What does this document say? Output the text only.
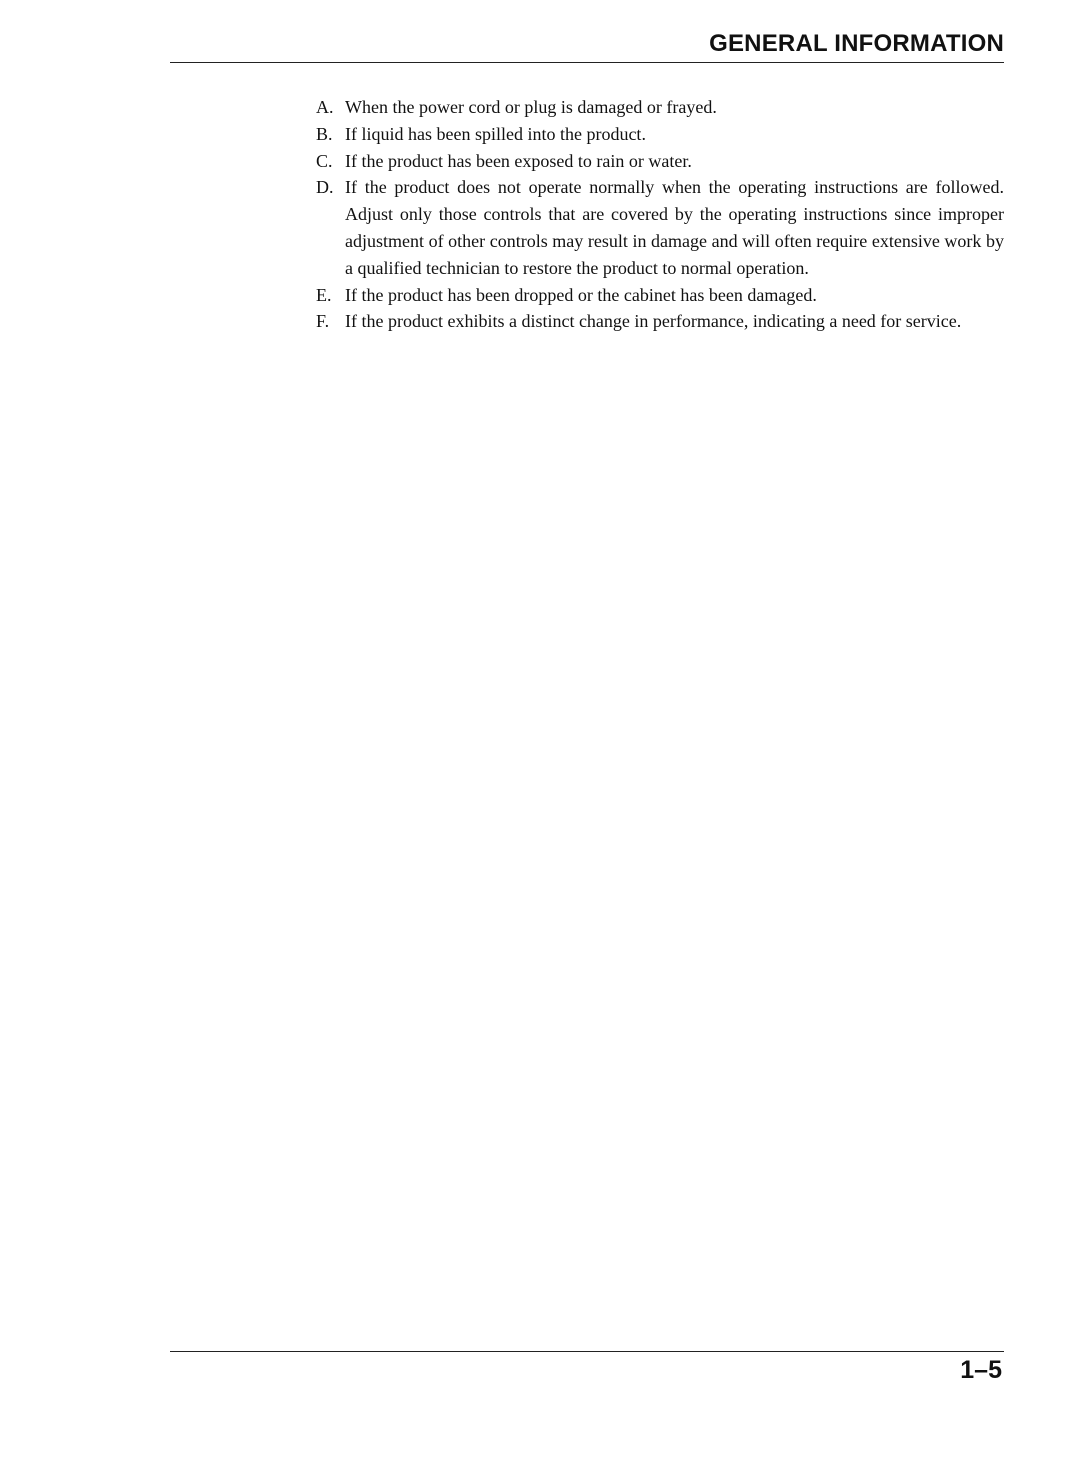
GENERAL INFORMATION
A. When the power cord or plug is damaged or frayed.
B. If liquid has been spilled into the product.
C. If the product has been exposed to rain or water.
D. If the product does not operate normally when the operating instructions are followed. Adjust only those controls that are covered by the operating instructions since improper adjustment of other controls may result in damage and will often require extensive work by a qualified technician to restore the product to normal operation.
E. If the product has been dropped or the cabinet has been damaged.
F. If the product exhibits a distinct change in performance, indicating a need for service.
1–5
